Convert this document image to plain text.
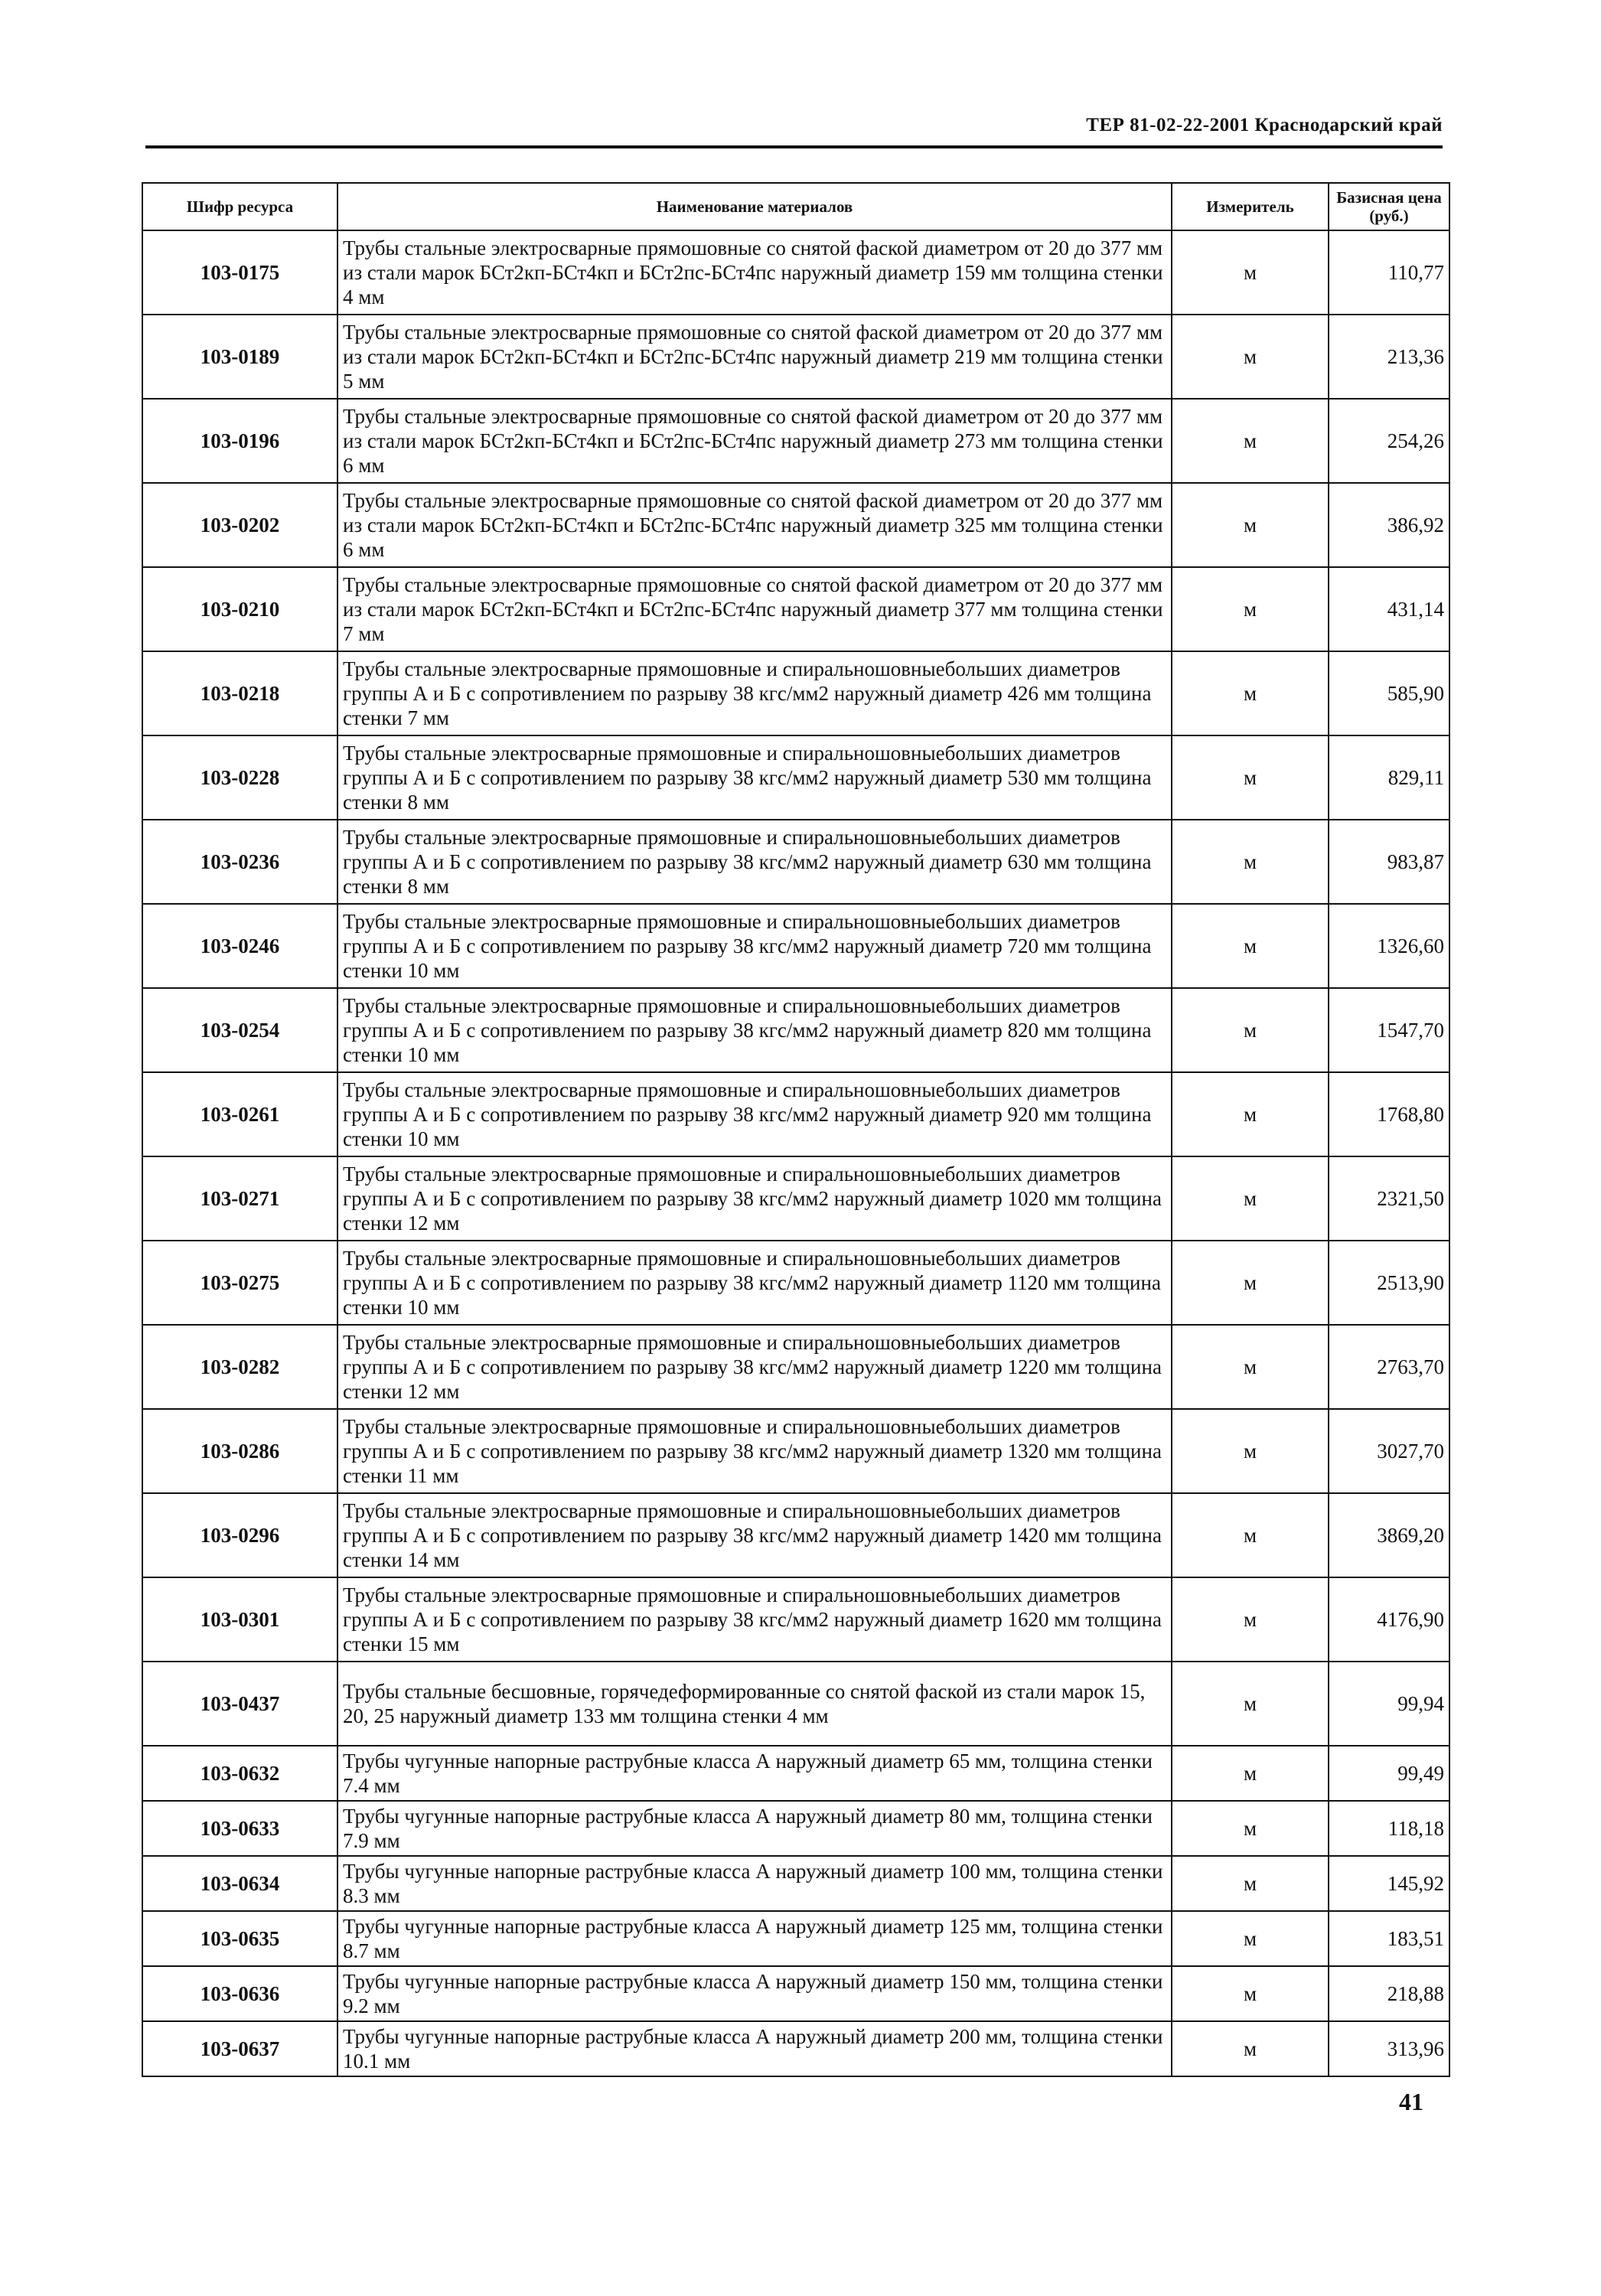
ТЕР 81-02-22-2001 Краснодарский край
Шифр ресурса	Наименование материалов	Измеритель	Базисная цена (руб.)
103-0175	Трубы стальные электросварные прямошовные со снятой фаской диаметром от 20 до 377 мм из стали марок БСт2кп-БСт4кп и БСт2пс-БСт4пс наружный диаметр 159 мм толщина стенки 4 мм	м	110,77
103-0189	Трубы стальные электросварные прямошовные со снятой фаской диаметром от 20 до 377 мм из стали марок БСт2кп-БСт4кп и БСт2пс-БСт4пс наружный диаметр 219 мм толщина стенки 5 мм	м	213,36
103-0196	Трубы стальные электросварные прямошовные со снятой фаской диаметром от 20 до 377 мм из стали марок БСт2кп-БСт4кп и БСт2пс-БСт4пс наружный диаметр 273 мм толщина стенки 6 мм	м	254,26
103-0202	Трубы стальные электросварные прямошовные со снятой фаской диаметром от 20 до 377 мм из стали марок БСт2кп-БСт4кп и БСт2пс-БСт4пс наружный диаметр 325 мм толщина стенки 6 мм	м	386,92
103-0210	Трубы стальные электросварные прямошовные со снятой фаской диаметром от 20 до 377 мм из стали марок БСт2кп-БСт4кп и БСт2пс-БСт4пс наружный диаметр 377 мм толщина стенки 7 мм	м	431,14
103-0218	Трубы стальные электросварные прямошовные и спиральношовныебольших диаметров группы А и Б с сопротивлением по разрыву 38 кгс/мм2 наружный диаметр 426 мм толщина стенки 7 мм	м	585,90
103-0228	Трубы стальные электросварные прямошовные и спиральношовныебольших диаметров группы А и Б с сопротивлением по разрыву 38 кгс/мм2 наружный диаметр 530 мм толщина стенки 8 мм	м	829,11
103-0236	Трубы стальные электросварные прямошовные и спиральношовныебольших диаметров группы А и Б с сопротивлением по разрыву 38 кгс/мм2 наружный диаметр 630 мм толщина стенки 8 мм	м	983,87
103-0246	Трубы стальные электросварные прямошовные и спиральношовныебольших диаметров группы А и Б с сопротивлением по разрыву 38 кгс/мм2 наружный диаметр 720 мм толщина стенки 10 мм	м	1326,60
103-0254	Трубы стальные электросварные прямошовные и спиральношовныебольших диаметров группы А и Б с сопротивлением по разрыву 38 кгс/мм2 наружный диаметр 820 мм толщина стенки 10 мм	м	1547,70
103-0261	Трубы стальные электросварные прямошовные и спиральношовныебольших диаметров группы А и Б с сопротивлением по разрыву 38 кгс/мм2 наружный диаметр 920 мм толщина стенки 10 мм	м	1768,80
103-0271	Трубы стальные электросварные прямошовные и спиральношовныебольших диаметров группы А и Б с сопротивлением по разрыву 38 кгс/мм2 наружный диаметр 1020 мм толщина стенки 12 мм	м	2321,50
103-0275	Трубы стальные электросварные прямошовные и спиральношовныебольших диаметров группы А и Б с сопротивлением по разрыву 38 кгс/мм2 наружный диаметр 1120 мм толщина стенки 10 мм	м	2513,90
103-0282	Трубы стальные электросварные прямошовные и спиральношовныебольших диаметров группы А и Б с сопротивлением по разрыву 38 кгс/мм2 наружный диаметр 1220 мм толщина стенки 12 мм	м	2763,70
103-0286	Трубы стальные электросварные прямошовные и спиральношовныебольших диаметров группы А и Б с сопротивлением по разрыву 38 кгс/мм2 наружный диаметр 1320 мм толщина стенки 11 мм	м	3027,70
103-0296	Трубы стальные электросварные прямошовные и спиральношовныебольших диаметров группы А и Б с сопротивлением по разрыву 38 кгс/мм2 наружный диаметр 1420 мм толщина стенки 14 мм	м	3869,20
103-0301	Трубы стальные электросварные прямошовные и спиральношовныебольших диаметров группы А и Б с сопротивлением по разрыву 38 кгс/мм2 наружный диаметр 1620 мм толщина стенки 15 мм	м	4176,90
103-0437	Трубы стальные бесшовные, горячедеформированные со снятой фаской из стали марок 15, 20, 25 наружный диаметр 133 мм толщина стенки 4 мм	м	99,94
103-0632	Трубы чугунные напорные раструбные класса А наружный диаметр 65 мм, толщина стенки 7.4 мм	м	99,49
103-0633	Трубы чугунные напорные раструбные класса А наружный диаметр 80 мм, толщина стенки 7.9 мм	м	118,18
103-0634	Трубы чугунные напорные раструбные класса А наружный диаметр 100 мм, толщина стенки 8.3 мм	м	145,92
103-0635	Трубы чугунные напорные раструбные класса А наружный диаметр 125 мм, толщина стенки 8.7 мм	м	183,51
103-0636	Трубы чугунные напорные раструбные класса А наружный диаметр 150 мм, толщина стенки 9.2 мм	м	218,88
103-0637	Трубы чугунные напорные раструбные класса А наружный диаметр 200 мм, толщина стенки 10.1 мм	м	313,96
41
